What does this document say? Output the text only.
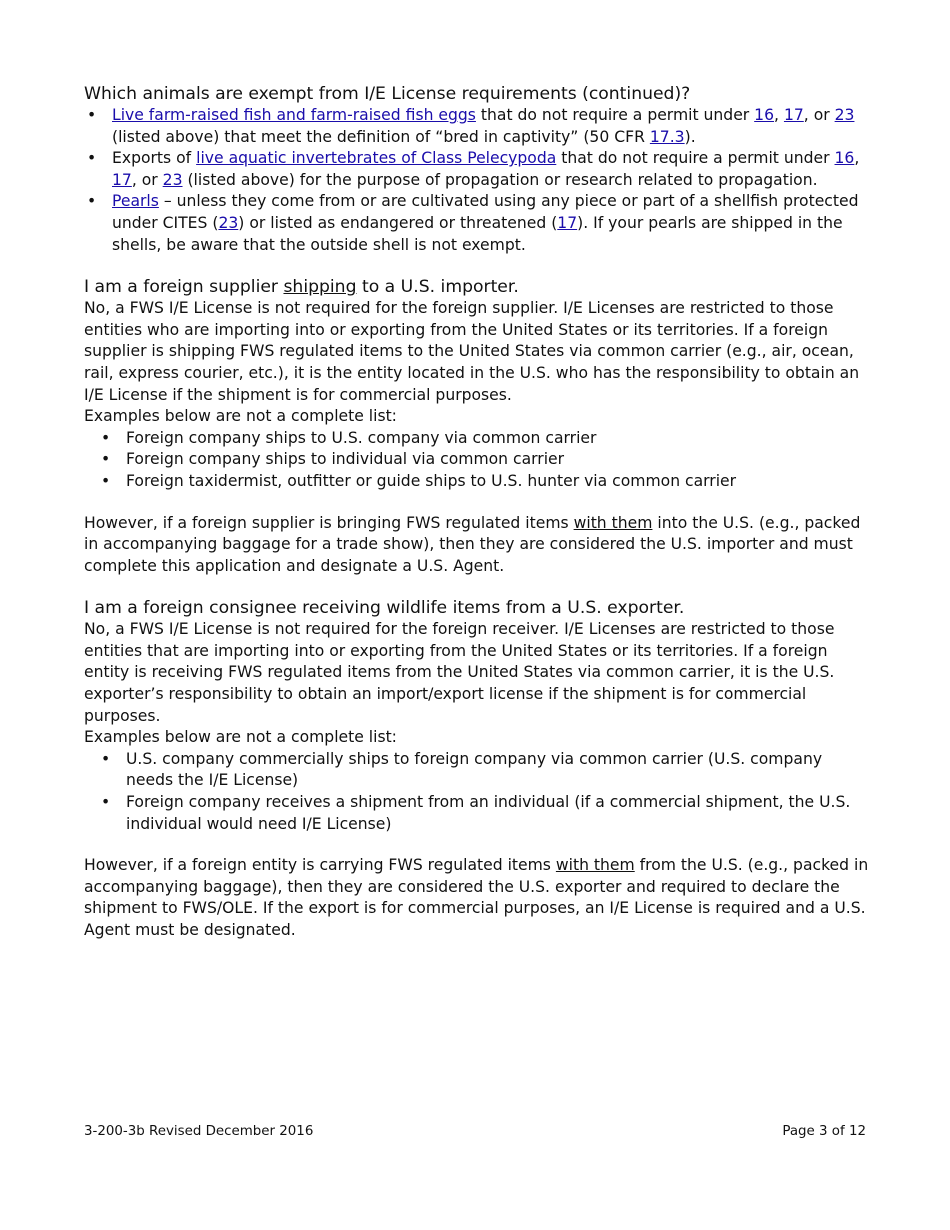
Which animals are exempt from I/E License requirements (continued)?

• Live farm-raised fish and farm-raised fish eggs that do not require a permit under 16, 17, or 23 (listed above) that meet the definition of “bred in captivity” (50 CFR 17.3).
• Exports of live aquatic invertebrates of Class Pelecypoda that do not require a permit under 16, 17, or 23 (listed above) for the purpose of propagation or research related to propagation.
• Pearls – unless they come from or are cultivated using any piece or part of a shellfish protected under CITES (23) or listed as endangered or threatened (17). If your pearls are shipped in the shells, be aware that the outside shell is not exempt.

I am a foreign supplier shipping to a U.S. importer.

No, a FWS I/E License is not required for the foreign supplier. I/E Licenses are restricted to those entities who are importing into or exporting from the United States or its territories. If a foreign supplier is shipping FWS regulated items to the United States via common carrier (e.g., air, ocean, rail, express courier, etc.), it is the entity located in the U.S. who has the responsibility to obtain an I/E License if the shipment is for commercial purposes.

Examples below are not a complete list:

• Foreign company ships to U.S. company via common carrier
• Foreign company ships to individual via common carrier
• Foreign taxidermist, outfitter or guide ships to U.S. hunter via common carrier

However, if a foreign supplier is bringing FWS regulated items with them into the U.S. (e.g., packed in accompanying baggage for a trade show), then they are considered the U.S. importer and must complete this application and designate a U.S. Agent.

I am a foreign consignee receiving wildlife items from a U.S. exporter.

No, a FWS I/E License is not required for the foreign receiver. I/E Licenses are restricted to those entities that are importing into or exporting from the United States or its territories. If a foreign entity is receiving FWS regulated items from the United States via common carrier, it is the U.S. exporter’s responsibility to obtain an import/export license if the shipment is for commercial purposes.

Examples below are not a complete list:

• U.S. company commercially ships to foreign company via common carrier (U.S. company needs the I/E License)
• Foreign company receives a shipment from an individual (if a commercial shipment, the U.S. individual would need I/E License)

However, if a foreign entity is carrying FWS regulated items with them from the U.S. (e.g., packed in accompanying baggage), then they are considered the U.S. exporter and required to declare the shipment to FWS/OLE. If the export is for commercial purposes, an I/E License is required and a U.S. Agent must be designated.

3-200-3b Revised December 2016	Page 3 of 12
